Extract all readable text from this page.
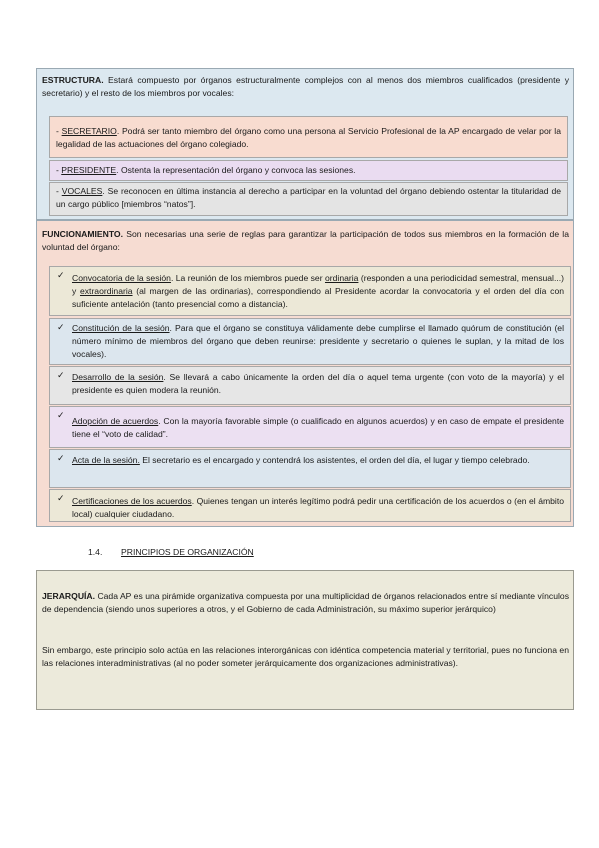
ESTRUCTURA. Estará compuesto por órganos estructuralmente complejos con al menos dos miembros cualificados (presidente y secretario) y el resto de los miembros por vocales:
- SECRETARIO. Podrá ser tanto miembro del órgano como una persona al Servicio Profesional de la AP encargado de velar por la legalidad de las actuaciones del órgano colegiado.
- PRESIDENTE. Ostenta la representación del órgano y convoca las sesiones.
- VOCALES. Se reconocen en última instancia al derecho a participar en la voluntad del órgano debiendo ostentar la titularidad de un cargo público [miembros “natos”].
FUNCIONAMIENTO. Son necesarias una serie de reglas para garantizar la participación de todos sus miembros en la formación de la voluntad del órgano:
✓ Convocatoria de la sesión. La reunión de los miembros puede ser ordinaria (responden a una periodicidad semestral, mensual...) y extraordinaria (al margen de las ordinarias), correspondiendo al Presidente acordar la convocatoria y el orden del día con suficiente antelación (tanto presencial como a distancia).
✓ Constitución de la sesión. Para que el órgano se constituya válidamente debe cumplirse el llamado quórum de constitución (el número mínimo de miembros del órgano que deben reunirse: presidente y secretario o quienes le suplan, y la mitad de los vocales).
✓ Desarrollo de la sesión. Se llevará a cabo únicamente la orden del día o aquel tema urgente (con voto de la mayoría) y el presidente es quien modera la reunión.
✓
Adopción de acuerdos. Con la mayoría favorable simple (o cualificado en algunos acuerdos) y en caso de empate el presidente tiene el “voto de calidad”.
✓ Acta de la sesión. El secretario es el encargado y contendrá los asistentes, el orden del día, el lugar y tiempo celebrado.
✓ Certificaciones de los acuerdos. Quienes tengan un interés legítimo podrá pedir una certificación de los acuerdos o (en el ámbito local) cualquier ciudadano.
1.4. PRINCIPIOS DE ORGANIZACIÓN
JERARQUÍA. Cada AP es una pirámide organizativa compuesta por una multiplicidad de órganos relacionados entre sí mediante vínculos de dependencia (siendo unos superiores a otros, y el Gobierno de cada Administración, su máximo superior jerárquico)
Sin embargo, este principio solo actúa en las relaciones interorgánicas con idéntica competencia material y territorial, pues no funciona en las relaciones interadministrativas (al no poder someter jerárquicamente dos organizaciones administrativas).
